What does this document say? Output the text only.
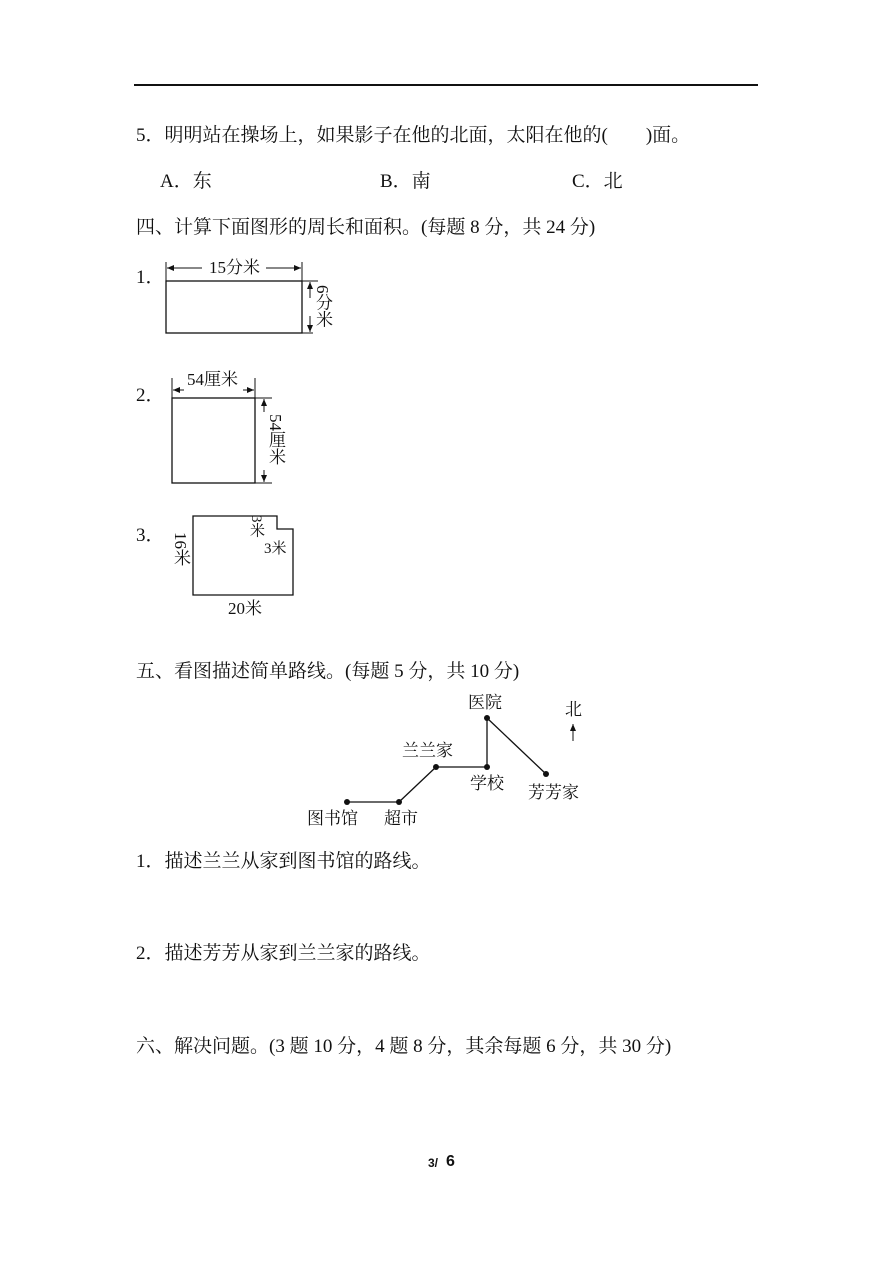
5．明明站在操场上，如果影子在他的北面，太阳在他的(　　)面。
A．东	B．南	C．北
四、计算下面图形的周长和面积。(每题 8 分，共 24 分)
1．
2．
3．
15分米
6分米
54厘米
54厘米
16米
20米
3米
3米
五、看图描述简单路线。(每题 5 分，共 10 分)
医院
兰兰家
学校 芳芳家
图书馆 超市
北
1．描述兰兰从家到图书馆的路线。
2．描述芳芳从家到兰兰家的路线。
六、解决问题。(3 题 10 分，4 题 8 分，其余每题 6 分，共 30 分)
3/ 6
